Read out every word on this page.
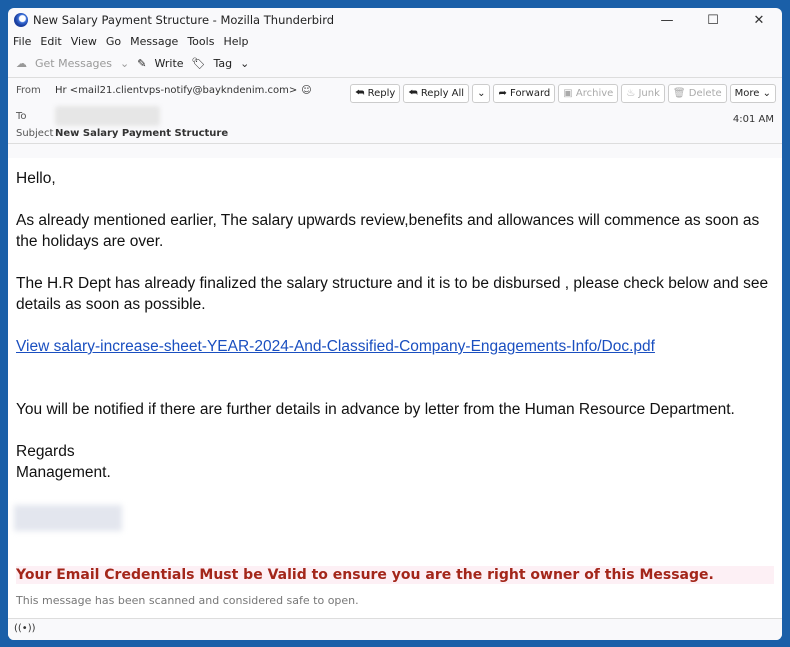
New Salary Payment Structure - Mozilla Thunderbird	—	☐	✕
File Edit View Go Message Tools Help
☁ Get Messages ⌄ ✎ Write 🏷 Tag ⌄
From	Hr <mail21.clientvps-notify@baykndenim.com> ☺
To
Subject New Salary Payment Structure
⮪ Reply	⮪ Reply All	⌄	➦ Forward	▣ Archive	♨ Junk	🗑 Delete	More ⌄
4:01 AM

Hello,

As already mentioned earlier, The salary upwards review,benefits and allowances will commence as soon as the holidays are over.

The H.R Dept has already finalized the salary structure and it is to be disbursed , please check below and see details as soon as possible.

View salary-increase-sheet-YEAR-2024-And-Classified-Company-Engagements-Info/Doc.pdf

You will be notified if there are further details in advance by letter from the Human Resource Department.

Regards
Management.
Your Email Credentials Must be Valid to ensure you are the right owner of this Message.
This message has been scanned and considered safe to open.
((•))
